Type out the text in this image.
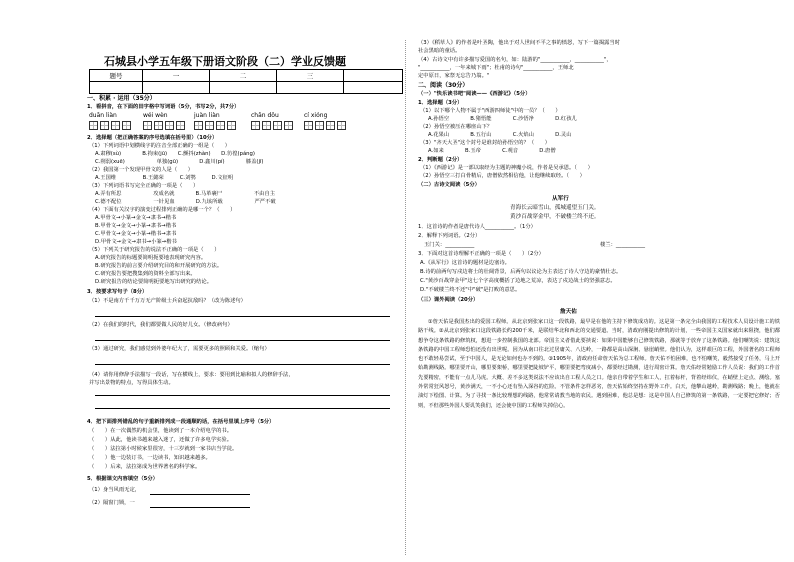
石城县小学五年级下册语文阶段（二）学业反馈题
题号	一	二	三	

一、积累 · 运用（35分）
1．看拼音，在下面的田字格中写词语（5分，书写2分，共7分）
duān liàn	wéi wèn	juàn liàn	chān dǒu	cí xióng
2．选择题（把正确答案的序号选填在括号里）（10分）
（1）下列词语中划横线字的注音全部正确的一组是（　　）
A.肃穆(sù)　　　　B.拘束(jū)　　C.颤抖(zhàn)　　D.彷徨(páng)
C.削弱(xuē)　　　　　　单独(gū)　　　　D.鑫川(pí)　　　　膝盖(jī)
（2）我国第一个发现甲骨文的人是（　　）
A.王国维　　　　　B.王懿荣　　　C.刘鹗　　　D.文征明
（3）下列词语书写完全正确的一项是（　　）
A.弄有所思　　　　　　攻成名就　　　　B.马革裹尸　　　　　　不由自主
C.德不配位　　　　　　一针见血　　　　D.九垓所载　　　　　　严严不破
（4）下面有关汉字的演变过程排列正确的是哪一个？（　　）
A.甲骨文→小篆→金文→隶书→楷书
B.甲骨文→金文→小篆→隶书→楷书
C.甲骨文→金文→小篆→楷书→隶书
D.甲骨文→金文→隶书→小篆→楷书
（5）下列关于研究报告的说法不正确的一项是（　　）
A.研究报告的标题要简明扼要地表现研究内容。
B.研究报告的前言要介绍研究目的和开展研究的方法。
C.研究报告要把搜集到的资料全部写出来。
D.研究报告的结论要简明扼要地写出研究的结论。
3．按要求写句子（8分）
（1）不是南方千千万万无产阶级士兵奋起抗敌吗？（改为陈述句）
（2）在我们的时代，我们都要做人民的好儿女。（修改病句）
（3）通过研究，我们感觉到外婆年纪大了，需要更多的照顾和关爱。（缩句）
（4）请你用修辞手法描写一段话，写在横线上，要求：要用到比喻和拟人的修辞手法，
并写出景物的特点，写得具体生动。
4．把下面排列错乱的句子重新排列成一段通顺的话，在括号里填上序号（5分）
（　　）在一次偶然的机会里，他读到了一本介绍电学的书。
（　　）从此，他读书越来越入迷了，还做了许多电学实验。
（　　）法拉第小时候家里很穷，十三岁就到一家书店当学徒。
（　　）他一边装订书，一边读书，知识越来越多。
（　　）后来，法拉第成为世界著名的科学家。
5．根据课文内容填空（5分）
（1）身当风雨无定，
（2）隔窗门锁，一
（3）《稻草人》的作者是叶圣陶，他出于对人世间不平之事的愤怒，写下一篇揭露当时
社会黑暗的童话。
（4）古诗文中有许多描写爱国的名句，如：陆游的"___________，___________"，
"___________，一年来城下雨"；杜甫的诗句"___________，王师北
定中原日，家祭无忘告乃翁。"
二、阅读（30分）
（一）"快乐读书吧"阅读——《西游记》（5分）
1．选择题（3分）
（1）以下哪个人物不属于"西游四师徒"中的一员？（　　）
A.孙悟空　　　　B.猪悟能　　　　C.沙悟净　　　　D.红孩儿
（2）孙悟空被压在哪座山下？
A.花果山　　　　B.五行山　　　　C.火焰山　　　　D.灵山
（3）"齐天大圣"这个封号是谁封给孙悟空的？（　　）
A.如来　　　　B.玉帝　　　　C.观音　　　　D.唐僧
2．判断题（2分）
（1）《西游记》是一部以取经为主题的神魔小说，作者是吴承恩。（　　）
（2）孙悟空三打白骨精后，唐僧依然相信他，让他继续取经。（　　）
（二）古诗文阅读（5分）
从军行
青海长云暗雪山，孤城遥望玉门关。
黄沙百战穿金甲，不破楼兰终不还。
1．这首诗的作者是唐代诗人___________。（1分）
2．解释下列词语。（2分）
玉门关：___________	楼兰：___________
3．下面对这首诗理解不正确的一项是（　　）（2分）
A.《从军行》这首诗的题材是边塞诗。
B.诗的前两句写戍边将士的壮阔背景，后两句以议论为主表达了诗人守边的豪情壮志。
C."黄沙百战穿金甲"这七个字高度概括了边地之荒凉，表达了戍边战士的坚强意志。
D."不破楼兰终不还"中"破"是打败的意思。
（三）课外阅读（20分）
詹天佑
①詹天佑是我国杰出的爱国工程师。从北京到张家口这一段铁路，最早是在他的主持下修筑成功的。这是第一条完全由我国的工程技术人员设计施工的铁路干线。②从北京到张家口这段铁路长约200千米，是联结华北和西北的交通要道。当时，清政府刚提出修筑的计划，一些帝国主义国家就出来阻挠，他们都想争夺这条铁路的修筑权，想进一步控制我国的北部。帝国主义者借此要挟说：如果中国能够自己修筑铁路，那就等于放弃了这条铁路。他们嘲笑说：建筑这条铁路的中国工程师恐怕还没有出世呢。因为从南口往北过居庸关、八达岭，一路都是高山深涧、悬崖峭壁。他们认为，这样艰巨的工程，外国著名的工程师也不敢轻易尝试，至于中国人，是无论如何也办不到的。③1905年，清政府任命詹天佑为总工程师。詹天佑不怕困难，也不怕嘲笑，毅然接受了任务，马上开始勘测线路。哪里要开山，哪里要架桥，哪里要把陡坡铲平，哪里要把弯度减小，都要经过勘测，进行周密计算。詹天佑经常勉励工作人员说：我们的工作首先要精密，不能有一点儿马虎。大概、差不多这类说法不应该出自工程人员之口。他亲自带着学生和工人，扛着标杆，背着经纬仪，在峭壁上定点、测绘。塞外常常狂风怒号，黄沙满天，一不小心还有坠入深谷的危险。不管条件怎样恶劣，詹天佑始终坚持在野外工作。白天，他攀山越岭，勘测线路；晚上，他就在油灯下绘图、计算。为了寻找一条比较理想的线路，他常常请教当地的农民。遇到困难，他总是想：这是中国人自己修筑的第一条铁路，一定要把它修好；否则，不但那些外国人要讥笑我们，还会使中国的工程师失掉信心。
